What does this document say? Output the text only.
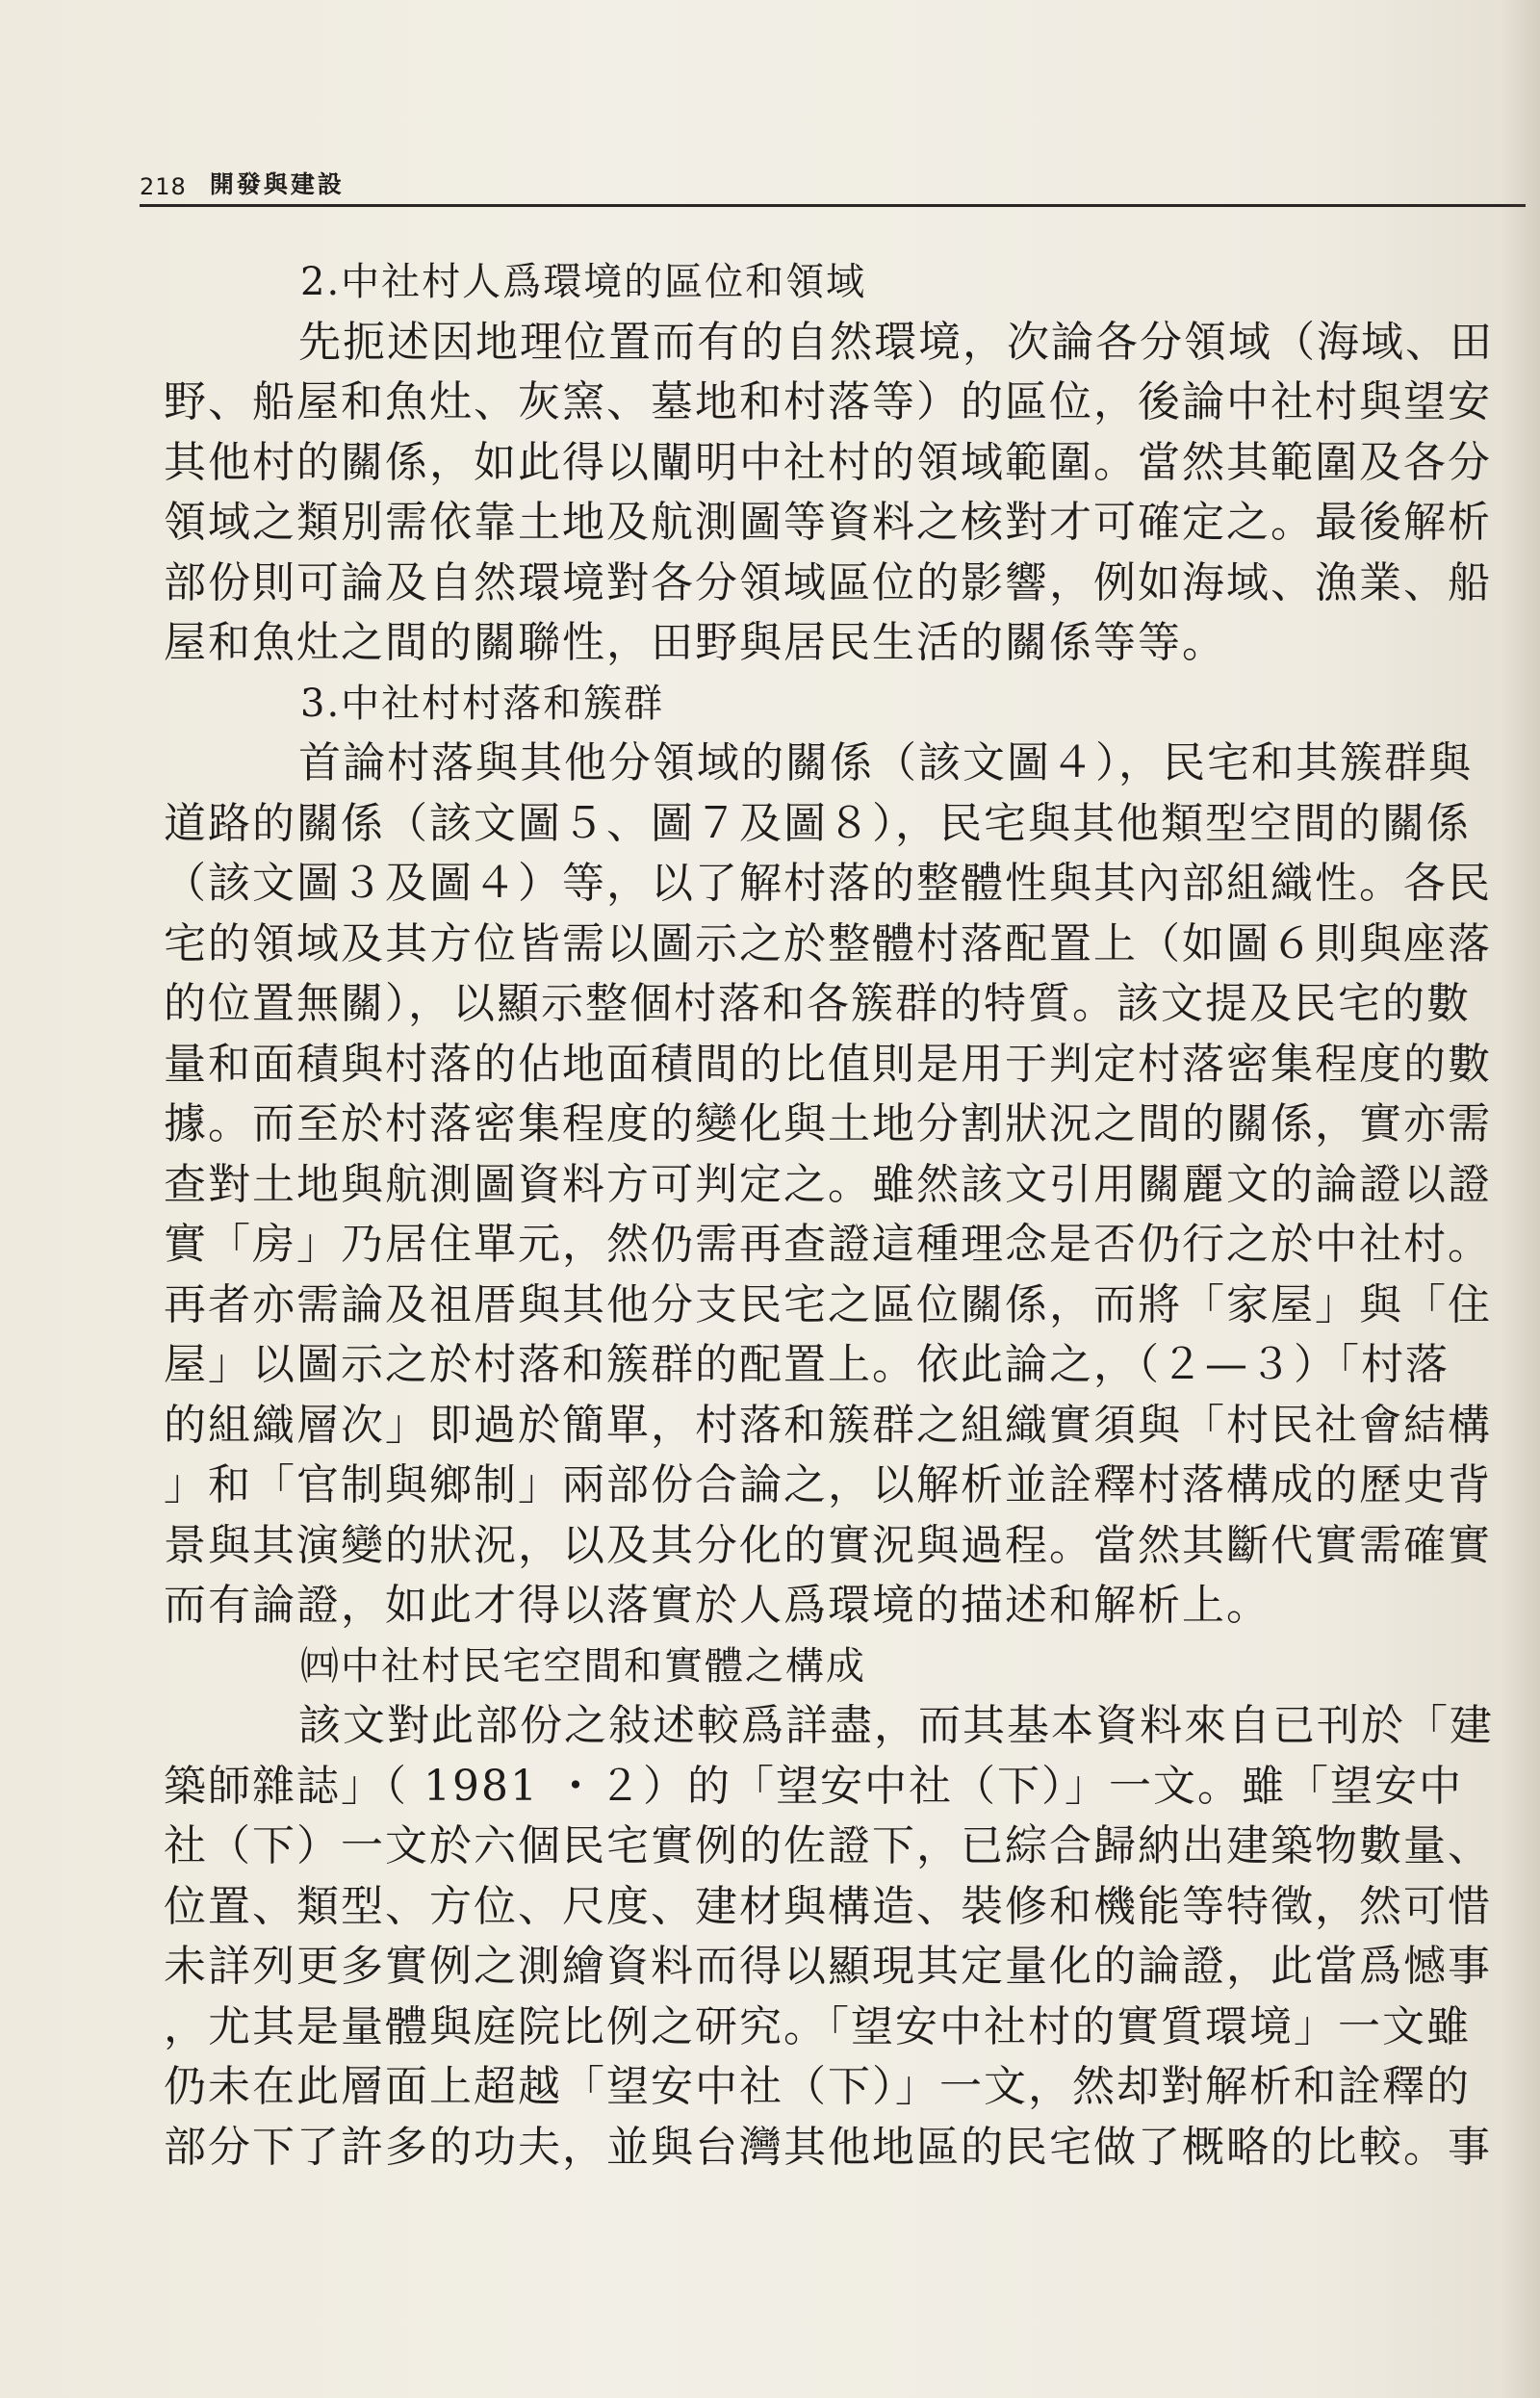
218 開發與建設
2.中社村人爲環境的區位和領域
先扼述因地理位置而有的自然環境，次論各分領域（海域、田
野、船屋和魚灶、灰窯、墓地和村落等）的區位，後論中社村與望安
其他村的關係，如此得以闡明中社村的領域範圍。當然其範圍及各分
領域之類別需依靠土地及航測圖等資料之核對才可確定之。最後解析
部份則可論及自然環境對各分領域區位的影響，例如海域、漁業、船
屋和魚灶之間的關聯性，田野與居民生活的關係等等。
3.中社村村落和簇群
首論村落與其他分領域的關係（該文圖４），民宅和其簇群與
道路的關係（該文圖５、圖７及圖８），民宅與其他類型空間的關係
（該文圖３及圖４）等，以了解村落的整體性與其內部組織性。各民
宅的領域及其方位皆需以圖示之於整體村落配置上（如圖６則與座落
的位置無關），以顯示整個村落和各簇群的特質。該文提及民宅的數
量和面積與村落的佔地面積間的比值則是用于判定村落密集程度的數
據。而至於村落密集程度的變化與土地分割狀況之間的關係，實亦需
查對土地與航測圖資料方可判定之。雖然該文引用關麗文的論證以證
實「房」乃居住單元，然仍需再查證這種理念是否仍行之於中社村。
再者亦需論及祖厝與其他分支民宅之區位關係，而將「家屋」與「住
屋」以圖示之於村落和簇群的配置上。依此論之，（２—３）「村落
的組織層次」即過於簡單，村落和簇群之組織實須與「村民社會結構
」和「官制與鄉制」兩部份合論之，以解析並詮釋村落構成的歷史背
景與其演變的狀況，以及其分化的實況與過程。當然其斷代實需確實
而有論證，如此才得以落實於人爲環境的描述和解析上。
㈣中社村民宅空間和實體之構成
該文對此部份之敍述較爲詳盡，而其基本資料來自已刊於「建
築師雜誌」（ 1981 ・２）的「望安中社（下）」一文。雖「望安中
社（下）一文於六個民宅實例的佐證下，已綜合歸納出建築物數量、
位置、類型、方位、尺度、建材與構造、裝修和機能等特徵，然可惜
未詳列更多實例之測繪資料而得以顯現其定量化的論證，此當爲憾事
，尤其是量體與庭院比例之研究。「望安中社村的實質環境」一文雖
仍未在此層面上超越「望安中社（下）」一文，然却對解析和詮釋的
部分下了許多的功夫，並與台灣其他地區的民宅做了概略的比較。事
